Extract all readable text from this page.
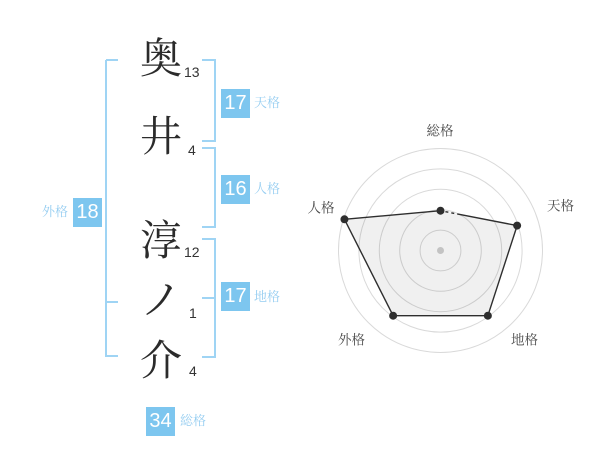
奥
井
淳
ノ
介
13
4
12
1
4
17 天格
16 人格
17 地格
外格 18
34 総格
総格
天格
地格
外格
人格
